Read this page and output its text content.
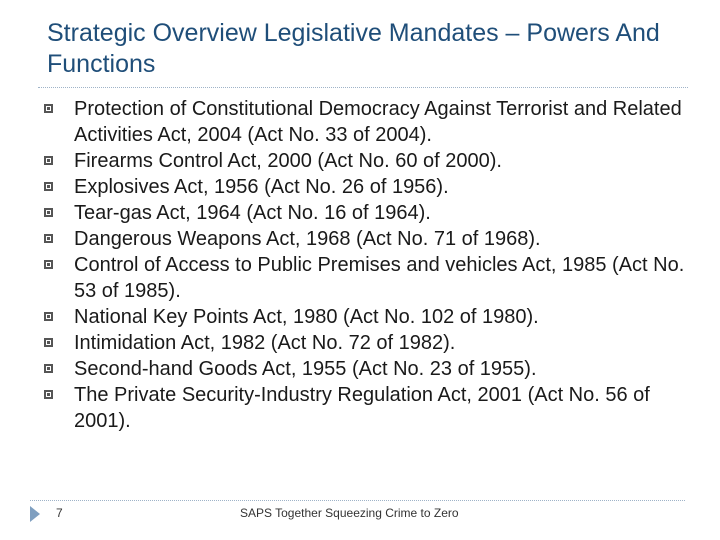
Strategic Overview Legislative Mandates – Powers And Functions
Protection of Constitutional Democracy Against Terrorist and Related Activities Act, 2004 (Act No. 33 of 2004).
Firearms Control Act, 2000 (Act No. 60 of 2000).
Explosives Act, 1956 (Act No. 26 of 1956).
Tear-gas Act, 1964 (Act No. 16 of 1964).
Dangerous Weapons Act, 1968 (Act No. 71 of 1968).
Control of Access to Public Premises and vehicles Act, 1985 (Act No. 53 of 1985).
National Key Points Act, 1980 (Act No. 102 of 1980).
Intimidation Act, 1982 (Act No. 72 of 1982).
Second-hand Goods Act, 1955 (Act No. 23 of 1955).
The Private Security-Industry Regulation Act, 2001 (Act No. 56 of 2001).
7	SAPS Together Squeezing Crime to Zero
